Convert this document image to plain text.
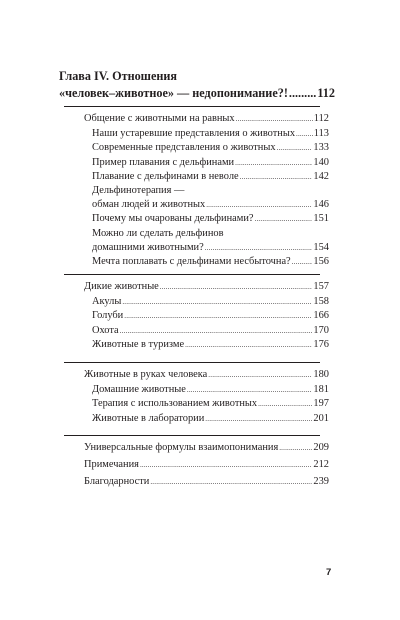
Глава IV. Отношения
«человек–животное» — недопонимание?! ..... 112
Общение с животными на равных .....	112
Наши устаревшие представления о животных ..... 113
Современные представления о животных .....	133
Пример плавания с дельфинами .....	140
Плавание с дельфинами в неволе .....	142
Дельфинотерапия —
обман людей и животных .....	146
Почему мы очарованы дельфинами? .....	151
Можно ли сделать дельфинов
домашними животными? .....	154
Мечта поплавать с дельфинами несбыточна? ..... 156
Дикие животные .....	157
Акулы .....	158
Голуби .....	166
Охота .....	170
Животные в туризме .....	176
Животные в руках человека .....	180
Домашние животные .....	181
Терапия с использованием животных .....	197
Животные в лаборатории .....	201
Универсальные формулы взаимопонимания .....	209
Примечания .....	212
Благодарности .....	239
7
